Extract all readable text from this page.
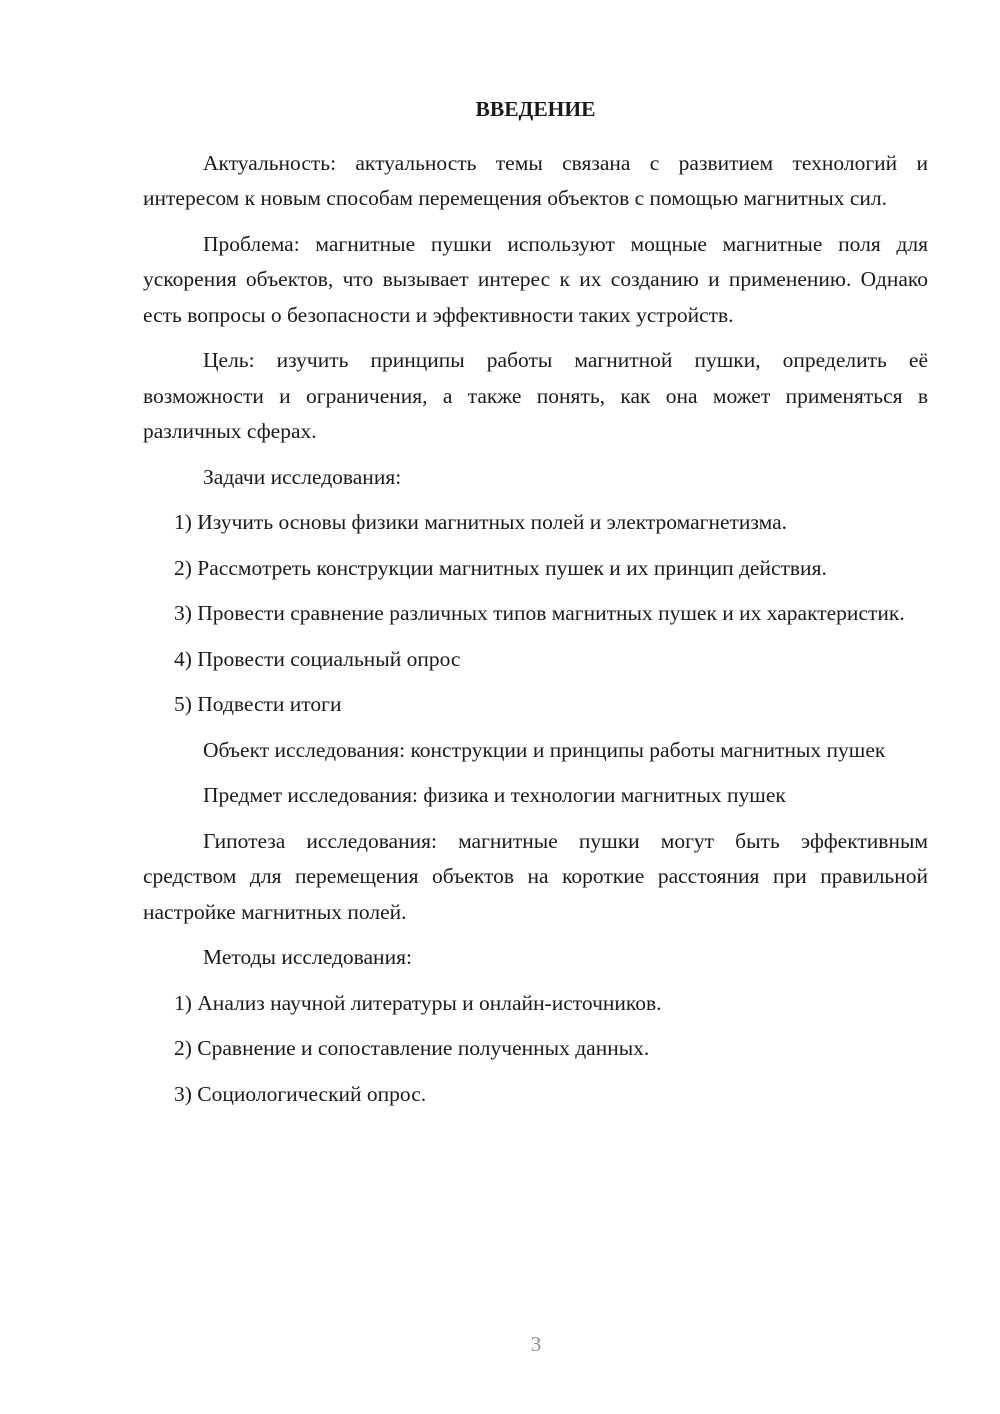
ВВЕДЕНИЕ

Актуальность: актуальность темы связана с развитием технологий и интересом к новым способам перемещения объектов с помощью магнитных сил.

Проблема: магнитные пушки используют мощные магнитные поля для ускорения объектов, что вызывает интерес к их созданию и применению. Однако есть вопросы о безопасности и эффективности таких устройств.

Цель: изучить принципы работы магнитной пушки, определить её возможности и ограничения, а также понять, как она может применяться в различных сферах.

Задачи исследования:

1) Изучить основы физики магнитных полей и электромагнетизма.

2) Рассмотреть конструкции магнитных пушек и их принцип действия.

3) Провести сравнение различных типов магнитных пушек и их характеристик.

4) Провести социальный опрос

5) Подвести итоги

Объект исследования: конструкции и принципы работы магнитных пушек

Предмет исследования: физика и технологии магнитных пушек

Гипотеза исследования: магнитные пушки могут быть эффективным средством для перемещения объектов на короткие расстояния при правильной настройке магнитных полей.

Методы исследования:

1) Анализ научной литературы и онлайн-источников.

2) Сравнение и сопоставление полученных данных.

3) Социологический опрос.

3
